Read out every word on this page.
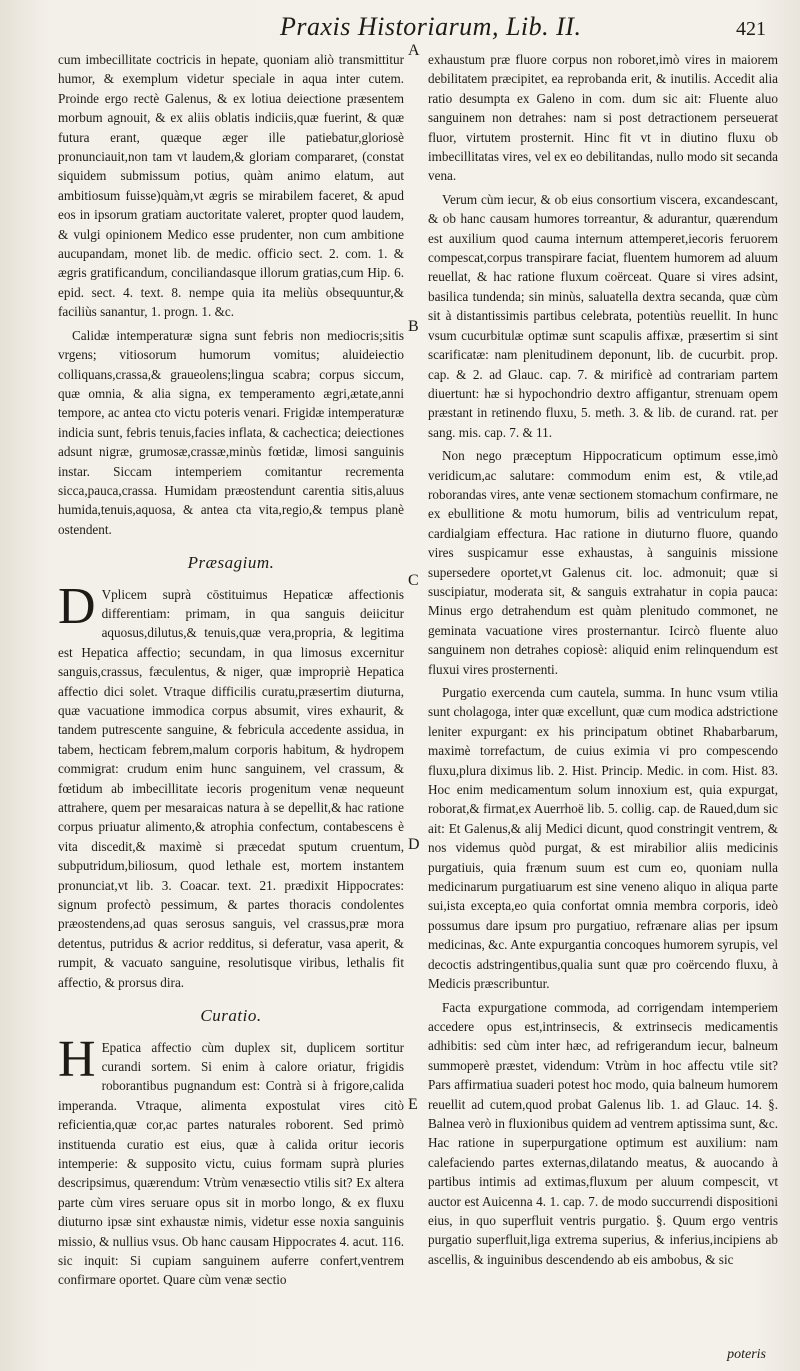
Praxis Historiarum, Lib. II.	421
A
B
C
D
E

cum imbecillitate coctricis in hepate, quoniam aliò transmittitur humor, & exemplum videtur speciale in aqua inter cutem. Proinde ergo rectè Galenus, & ex lotiua deiectione præsentem morbum agnouit, & ex aliis oblatis indiciis,quæ fuerint, & quæ futura erant, quæque æger ille patiebatur,gloriosè pronunciauit,non tam vt laudem,& gloriam compararet, (constat siquidem submissum potius, quàm animo elatum, aut ambitiosum fuisse)quàm,vt ægris se mirabilem faceret, & apud eos in ipsorum gratiam auctoritate valeret, propter quod laudem, & vulgi opinionem Medico esse prudenter, non cum ambitione aucupandam, monet lib. de medic. officio sect. 2. com. 1. & ægris gratificandum, conciliandasque illorum gratias,cum Hip. 6. epid. sect. 4. text. 8. nempe quia ita meliùs obsequuntur,& faciliùs sanantur, 1. progn. 1. &c.

Calidæ intemperaturæ signa sunt febris non mediocris;sitis vrgens; vitiosorum humorum vomitus; aluideiectio colliquans,crassa,& graueolens;lingua scabra; corpus siccum, quæ omnia, & alia signa, ex temperamento ægri,ætate,anni tempore, ac antea cto victu poteris venari. Frigidæ intemperaturæ indicia sunt, febris tenuis,facies inflata, & cachectica; deiectiones adsunt nigræ, grumosæ,crassæ,minùs fœtidæ, limosi sanguinis instar. Siccam intemperiem comitantur recrementa sicca,pauca,crassa. Humidam præostendunt carentia sitis,aluus humida,tenuis,aquosa, & antea cta vita,regio,& tempus planè ostendent.

Præsagium.

D Vplicem suprà cōstituimus Hepaticæ affectionis differentiam: primam, in qua sanguis deiicitur aquosus,dilutus,& tenuis,quæ vera,propria, & legitima est Hepatica affectio; secundam, in qua limosus excernitur sanguis,crassus, fæculentus, & niger, quæ impropriè Hepatica affectio dici solet. Vtraque difficilis curatu,præsertim diuturna, quæ vacuatione immodica corpus absumit, vires exhaurit, & tandem putrescente sanguine, & febricula accedente assidua, in tabem, hecticam febrem,malum corporis habitum, & hydropem commigrat: crudum enim hunc sanguinem, vel crassum, & fœtidum ab imbecillitate iecoris progenitum venæ nequeunt attrahere, quem per mesaraicas natura à se depellit,& hac ratione corpus priuatur alimento,& atrophia confectum, contabescens è vita discedit,& maximè si præcedat sputum cruentum, subputridum,biliosum, quod lethale est, mortem instantem pronunciat,vt lib. 3. Coacar. text. 21. prædixit Hippocrates: signum profectò pessimum, & partes thoracis condolentes præostendens,ad quas serosus sanguis, vel crassus,præ mora detentus, putridus & acrior redditus, si deferatur, vasa aperit, & rumpit, & vacuato sanguine, resolutisque viribus, lethalis fit affectio, & prorsus dira.

Curatio.

H Epatica affectio cùm duplex sit, duplicem sortitur curandi sortem. Si enim à calore oriatur, frigidis roborantibus pugnandum est: Contrà si à frigore,calida imperanda. Vtraque, alimenta expostulat vires citò reficientia,quæ cor,ac partes naturales roborent. Sed primò instituenda curatio est eius, quæ à calida oritur iecoris intemperie: & supposito victu, cuius formam suprà pluries descripsimus, quærendum: Vtrùm venæsectio vtilis sit? Ex altera parte cùm vires seruare opus sit in morbo longo, & ex fluxu diuturno ipsæ sint exhaustæ nimis, videtur esse noxia sanguinis missio, & nullius vsus. Ob hanc causam Hippocrates 4. acut. 116. sic inquit: Si cupiam sanguinem auferre confert,ventrem confirmare oportet. Quare cùm venæ sectio

exhaustum præ fluore corpus non roboret,imò vires in maiorem debilitatem præcipitet, ea reprobanda erit, & inutilis. Accedit alia ratio desumpta ex Galeno in com. dum sic ait: Fluente aluo sanguinem non detrahes: nam si post detractionem perseuerat fluor, virtutem prosternit. Hinc fit vt in diutino fluxu ob imbecillitatas vires, vel ex eo debilitandas, nullo modo sit secanda vena.

Verum cùm iecur, & ob eius consortium viscera, excandescant, & ob hanc causam humores torreantur, & adurantur, quærendum est auxilium quod cauma internum attemperet,iecoris feruorem compescat,corpus transpirare faciat, fluentem humorem ad aluum reuellat, & hac ratione fluxum coërceat. Quare si vires adsint, basilica tundenda; sin minùs, saluatella dextra secanda, quæ cùm sit à distantissimis partibus celebrata, potentiùs reuellit. In hunc vsum cucurbitulæ optimæ sunt scapulis affixæ, præsertim si sint scarificatæ: nam plenitudinem deponunt, lib. de cucurbit. prop. cap. & 2. ad Glauc. cap. 7. & mirificè ad contrariam partem diuertunt: hæ si hypochondrio dextro affigantur, strenuam opem præstant in retinendo fluxu, 5. meth. 3. & lib. de curand. rat. per sang. mis. cap. 7. & 11.

Non nego præceptum Hippocraticum optimum esse,imò veridicum,ac salutare: commodum enim est, & vtile,ad roborandas vires, ante venæ sectionem stomachum confirmare, ne ex ebullitione & motu humorum, bilis ad ventriculum repat, cardialgiam effectura. Hac ratione in diuturno fluore, quando vires suspicamur esse exhaustas, à sanguinis missione supersedere oportet,vt Galenus cit. loc. admonuit; quæ si suscipiatur, moderata sit, & sanguis extrahatur in copia pauca: Minus ergo detrahendum est quàm plenitudo commonet, ne geminata vacuatione vires prosternantur. Icircò fluente aluo sanguinem non detrahes copiosè: aliquid enim relinquendum est fluxui vires prosternenti.

Purgatio exercenda cum cautela, summa. In hunc vsum vtilia sunt cholagoga, inter quæ excellunt, quæ cum modica adstrictione leniter expurgant: ex his principatum obtinet Rhabarbarum, maximè torrefactum, de cuius eximia vi pro compescendo fluxu,plura diximus lib. 2. Hist. Princip. Medic. in com. Hist. 83. Hoc enim medicamentum solum innoxium est, quia expurgat, roborat,& firmat,ex Auerrhoë lib. 5. collig. cap. de Raued,dum sic ait: Et Galenus,& alij Medici dicunt, quod constringit ventrem, & nos videmus quòd purgat, & est mirabilior aliis medicinis purgatiuis, quia frænum suum est cum eo, quoniam nulla medicinarum purgatiuarum est sine veneno aliquo in aliqua parte sui,ista excepta,eo quia confortat omnia membra corporis, ideò possumus dare ipsum pro purgatiuo, refrænare alias per ipsum medicinas, &c. Ante expurgantia concoques humorem syrupis, vel decoctis adstringentibus,qualia sunt quæ pro coërcendo fluxu, à Medicis præscribuntur.

Facta expurgatione commoda, ad corrigendam intemperiem accedere opus est,intrinsecis, & extrinsecis medicamentis adhibitis: sed cùm inter hæc, ad refrigerandum iecur, balneum summoperè præstet, videndum: Vtrùm in hoc affectu vtile sit? Pars affirmatiua suaderi potest hoc modo, quia balneum humorem reuellit ad cutem,quod probat Galenus lib. 1. ad Glauc. 14. §. Balnea verò in fluxionibus quidem ad ventrem aptissima sunt, &c. Hac ratione in superpurgatione optimum est auxilium: nam calefaciendo partes externas,dilatando meatus, & auocando à partibus intimis ad extimas,fluxum per aluum compescit, vt auctor est Auicenna 4. 1. cap. 7. de modo succurrendi dispositioni eius, in quo superfluit ventris purgatio. §. Quum ergo ventris purgatio superfluit,liga extrema superius, & inferius,incipiens ab ascellis, & inguinibus descendendo ab eis ambobus, & sic

poteris
